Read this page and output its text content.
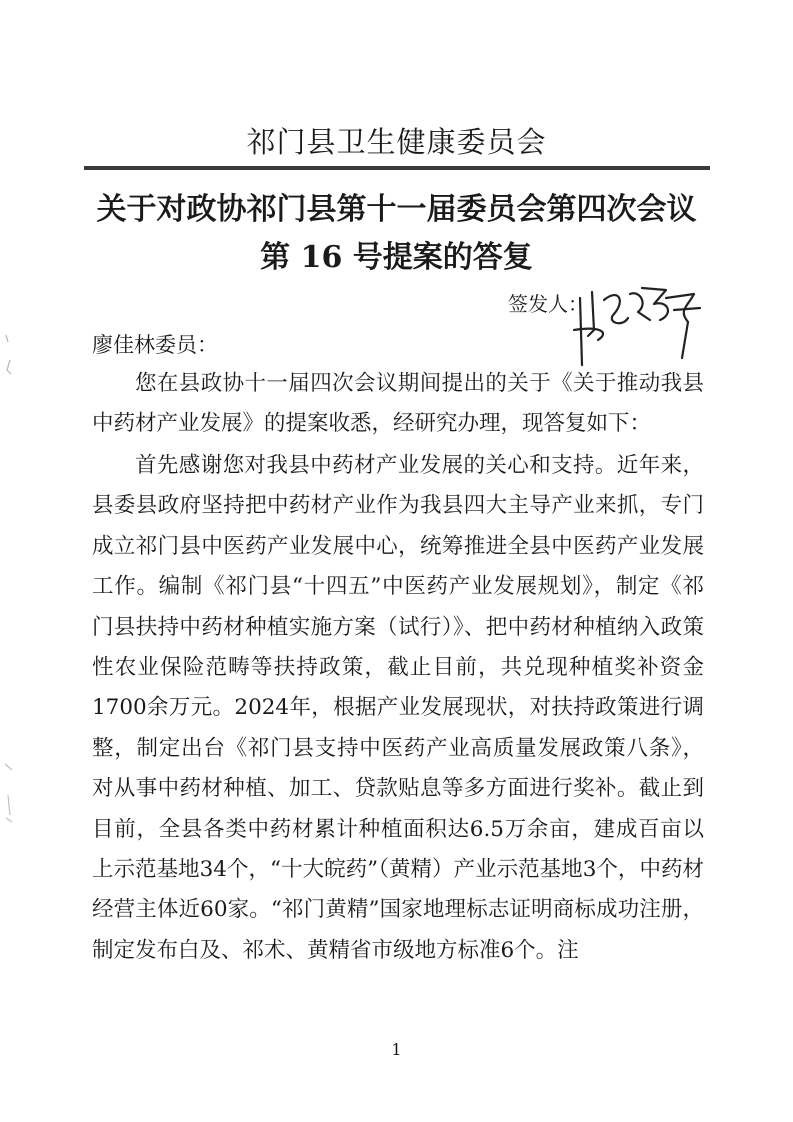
祁门县卫生健康委员会
关于对政协祁门县第十一届委员会第四次会议
第 16 号提案的答复
签发人：
廖佳林委员：
您在县政协十一届四次会议期间提出的关于《关于推动我县中药材产业发展》的提案收悉，经研究办理，现答复如下：
首先感谢您对我县中药材产业发展的关心和支持。近年来，县委县政府坚持把中药材产业作为我县四大主导产业来抓，专门成立祁门县中医药产业发展中心，统筹推进全县中医药产业发展工作。编制《祁门县“十四五”中医药产业发展规划》，制定《祁门县扶持中药材种植实施方案（试行）》、把中药材种植纳入政策性农业保险范畴等扶持政策，截止目前，共兑现种植奖补资金1700余万元。2024年，根据产业发展现状，对扶持政策进行调整，制定出台《祁门县支持中医药产业高质量发展政策八条》，对从事中药材种植、加工、贷款贴息等多方面进行奖补。截止到目前，全县各类中药材累计种植面积达6.5万余亩，建成百亩以上示范基地34个，“十大皖药”（黄精）产业示范基地3个，中药材经营主体近60家。“祁门黄精”国家地理标志证明商标成功注册，制定发布白及、祁术、黄精省市级地方标准6个。注
1
